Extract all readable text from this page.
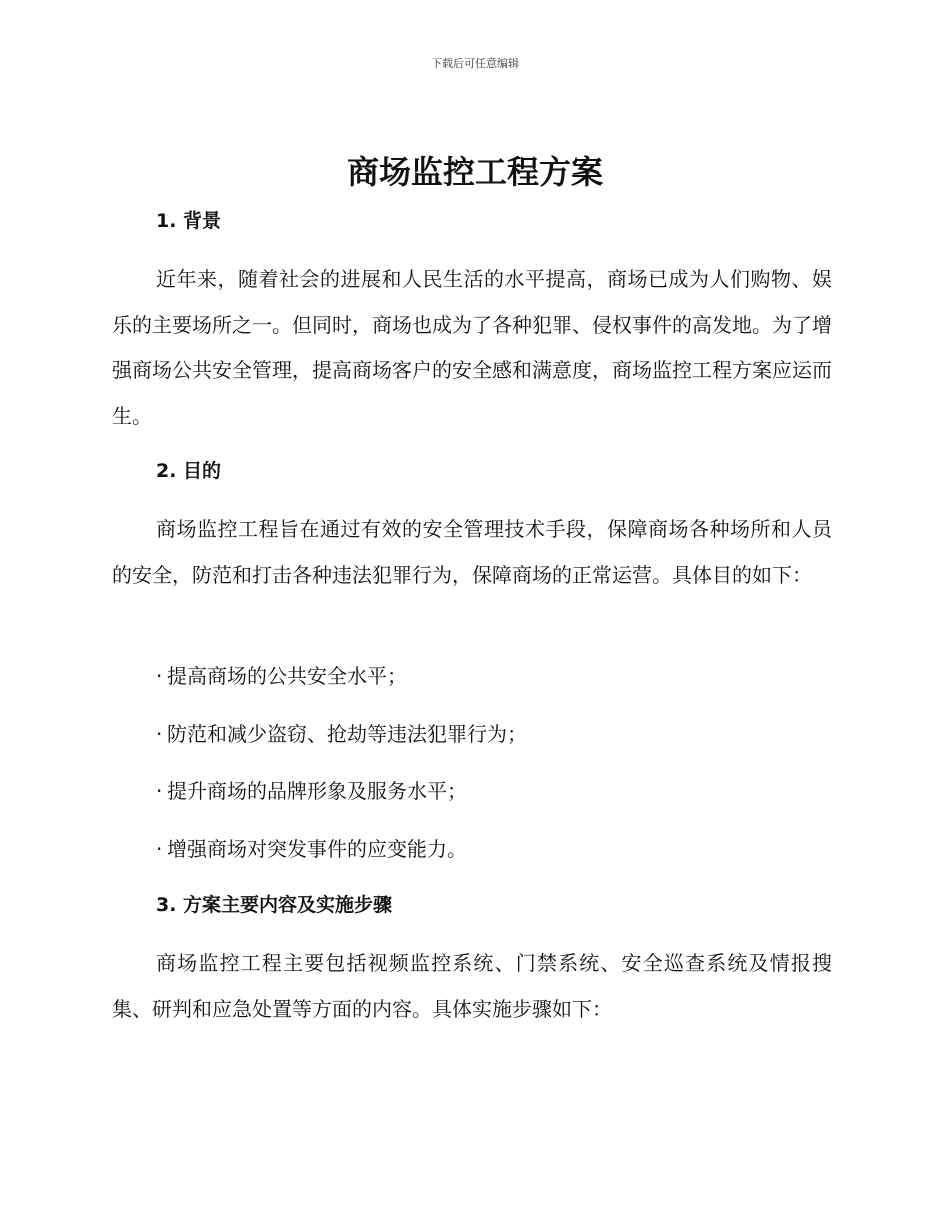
下载后可任意编辑
商场监控工程方案
1. 背景

近年来，随着社会的进展和人民生活的水平提高，商场已成为人们购物、娱乐的主要场所之一。但同时，商场也成为了各种犯罪、侵权事件的高发地。为了增强商场公共安全管理，提高商场客户的安全感和满意度，商场监控工程方案应运而生。

2. 目的

商场监控工程旨在通过有效的安全管理技术手段，保障商场各种场所和人员的安全，防范和打击各种违法犯罪行为，保障商场的正常运营。具体目的如下：

· 提高商场的公共安全水平；

· 防范和减少盗窃、抢劫等违法犯罪行为；

· 提升商场的品牌形象及服务水平；

· 增强商场对突发事件的应变能力。

3. 方案主要内容及实施步骤

商场监控工程主要包括视频监控系统、门禁系统、安全巡查系统及情报搜集、研判和应急处置等方面的内容。具体实施步骤如下：
